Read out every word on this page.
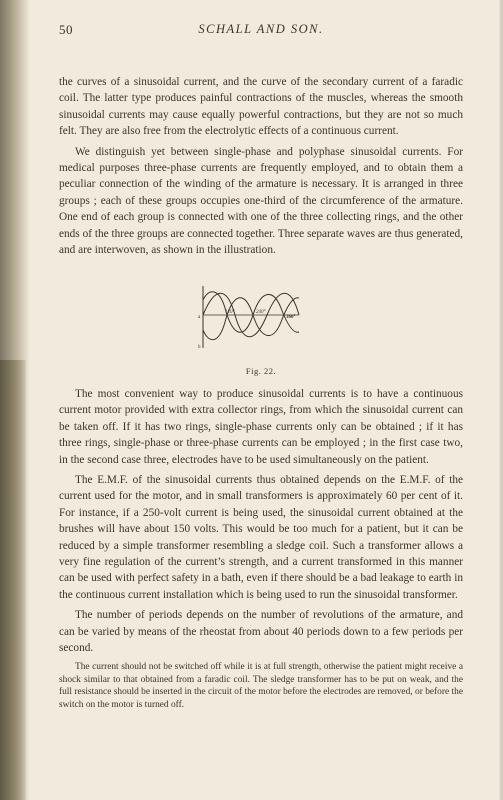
50	SCHALL AND SON.

the curves of a sinusoidal current, and the curve of the secondary current of a faradic coil. The latter type produces painful contractions of the muscles, whereas the smooth sinusoidal currents may cause equally powerful contractions, but they are not so much felt. They are also free from the electrolytic effects of a continuous current.

We distinguish yet between single-phase and polyphase sinusoidal currents. For medical purposes three-phase currents are frequently employed, and to obtain them a peculiar connection of the winding of the armature is necessary. It is arranged in three groups ; each of these groups occupies one-third of the circumference of the armature. One end of each group is connected with one of the three collecting rings, and the other ends of the three groups are connected together. Three separate waves are thus generated, and are interwoven, as shown in the illustration.

a
b
120°	240°
360°
Fig. 22.

The most convenient way to produce sinusoidal currents is to have a continuous current motor provided with extra collector rings, from which the sinusoidal current can be taken off. If it has two rings, single-phase currents only can be obtained ; if it has three rings, single-phase or three-phase currents can be employed ; in the first case two, in the second case three, electrodes have to be used simultaneously on the patient.

The E.M.F. of the sinusoidal currents thus obtained depends on the E.M.F. of the current used for the motor, and in small transformers is approximately 60 per cent of it. For instance, if a 250-volt current is being used, the sinusoidal current obtained at the brushes will have about 150 volts. This would be too much for a patient, but it can be reduced by a simple transformer resembling a sledge coil. Such a transformer allows a very fine regulation of the current’s strength, and a current transformed in this manner can be used with perfect safety in a bath, even if there should be a bad leakage to earth in the continuous current installation which is being used to run the sinusoidal transformer.

The number of periods depends on the number of revolutions of the armature, and can be varied by means of the rheostat from about 40 periods down to a few periods per second.

The current should not be switched off while it is at full strength, otherwise the patient might receive a shock similar to that obtained from a faradic coil. The sledge transformer has to be put on weak, and the full resistance should be inserted in the circuit of the motor before the electrodes are removed, or before the switch on the motor is turned off.
